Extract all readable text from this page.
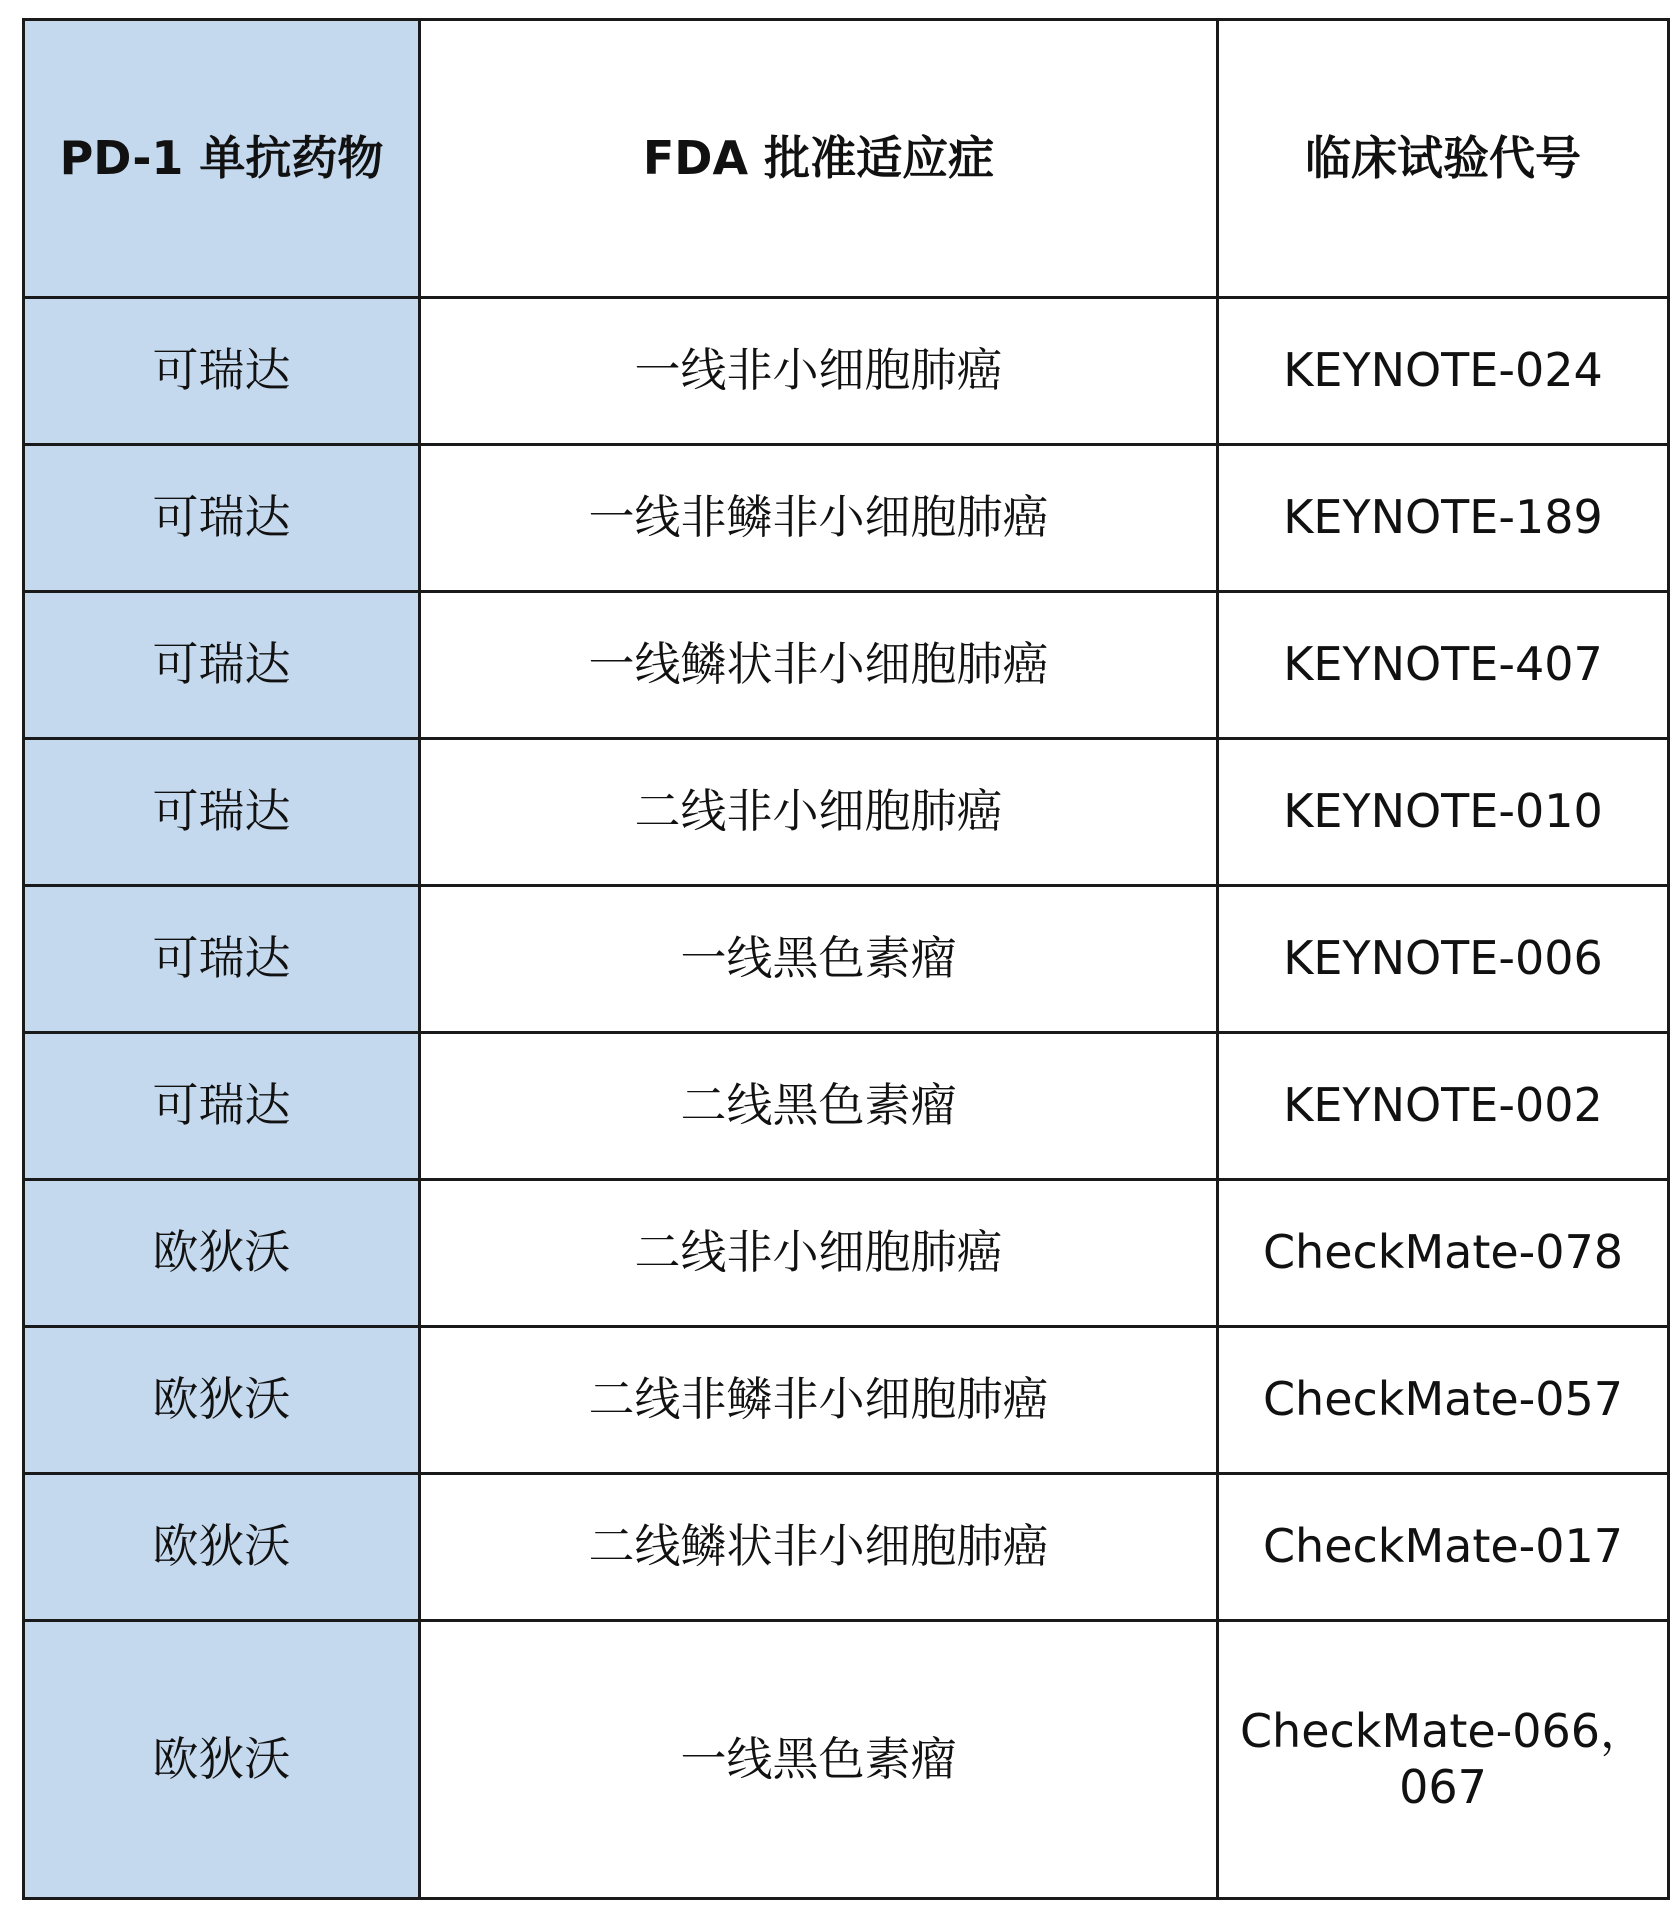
PD-1 单抗药物	FDA 批准适应症	临床试验代号
可瑞达	一线非小细胞肺癌	KEYNOTE-024
可瑞达	一线非鳞非小细胞肺癌	KEYNOTE-189
可瑞达	一线鳞状非小细胞肺癌	KEYNOTE-407
可瑞达	二线非小细胞肺癌	KEYNOTE-010
可瑞达	一线黑色素瘤	KEYNOTE-006
可瑞达	二线黑色素瘤	KEYNOTE-002
欧狄沃	二线非小细胞肺癌	CheckMate-078
欧狄沃	二线非鳞非小细胞肺癌	CheckMate-057
欧狄沃	二线鳞状非小细胞肺癌	CheckMate-017
欧狄沃	一线黑色素瘤	CheckMate-066，
067
